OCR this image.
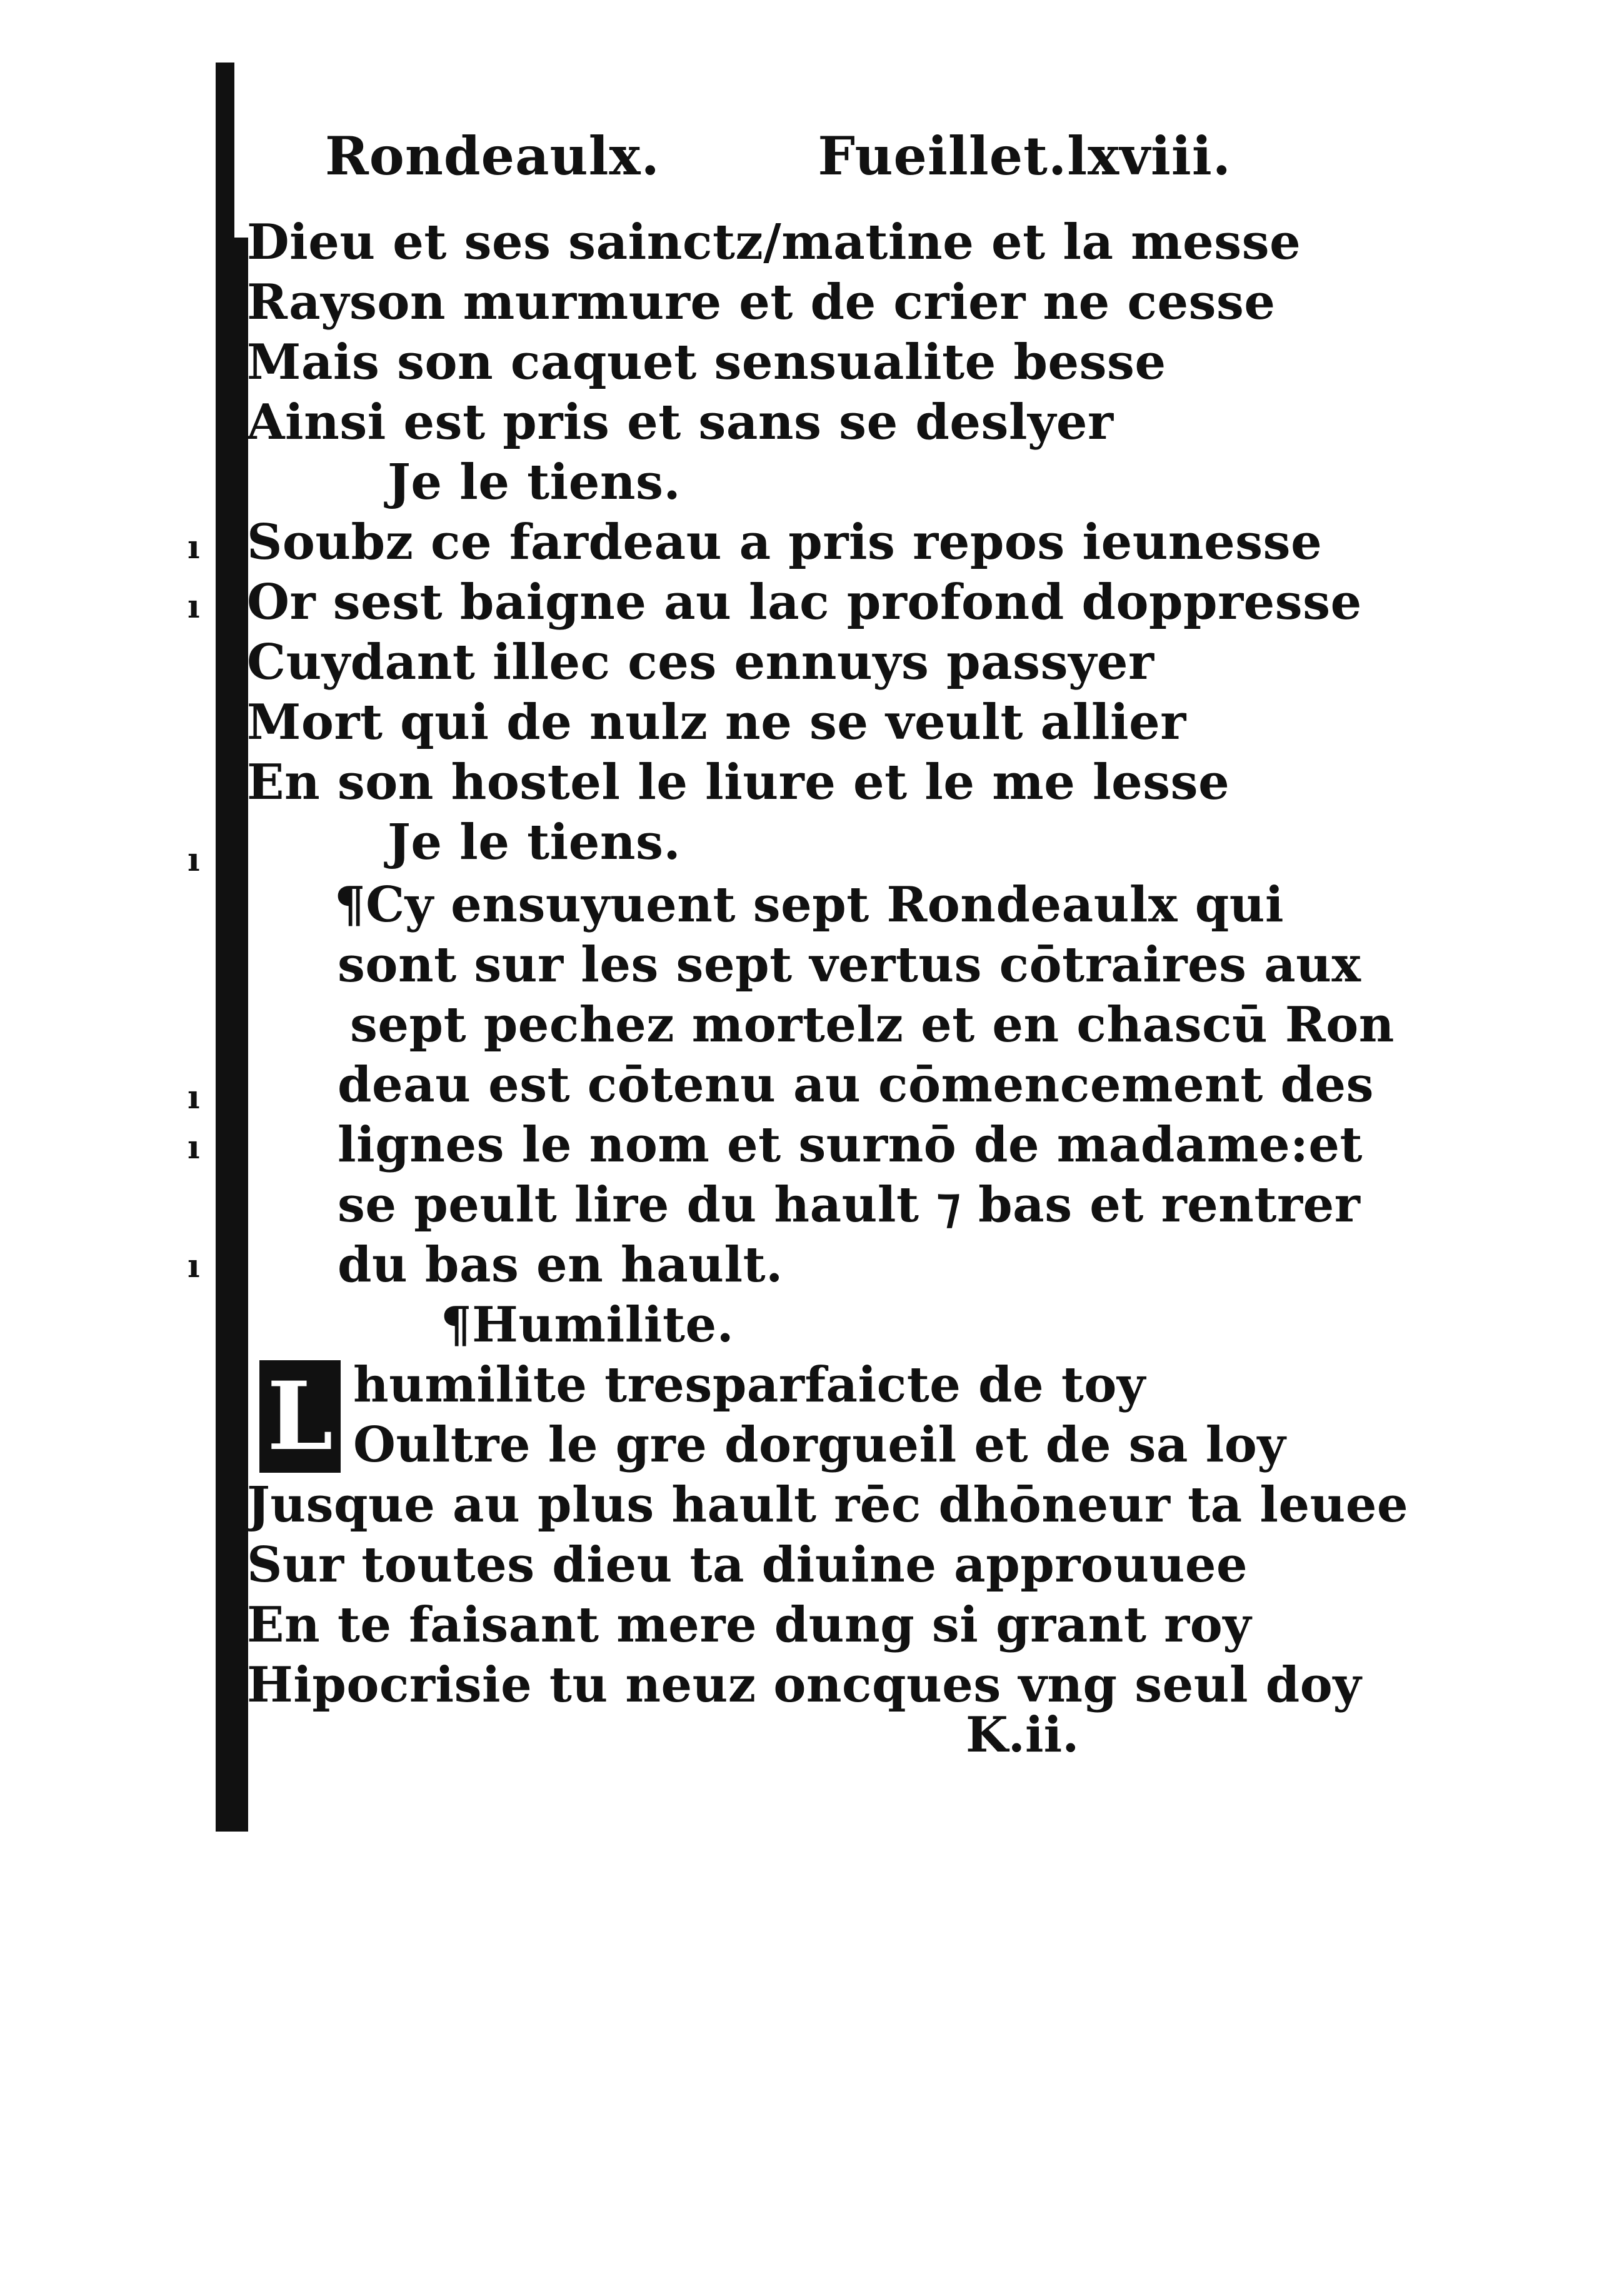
ı
ı
ı
ı
ı
ı
Rondeaulx.	Fueillet.lxviii.
Dieu et ses sainctz/matine et la messe
Rayson murmure et de crier ne cesse
Mais son caquet sensualite besse
Ainsi est pris et sans se deslyer
Je le tiens.
Soubz ce fardeau a pris repos ieunesse
Or sest baigne au lac profond doppresse
Cuydant illec ces ennuys passyer
Mort qui de nulz ne se veult allier
En son hostel le liure et le me lesse
Je le tiens.
¶Cy ensuyuent sept Rondeaulx qui
sont sur les sept vertus cōtraires aux
sept pechez mortelz et en chascū Ron
deau est cōtenu au cōmencement des
lignes le nom et surnō de madame:et
se peult lire du hault ⁊ bas et rentrer
du bas en hault.
¶Humilite.
L humilite tresparfaicte de toy
Oultre le gre dorgueil et de sa loy
Jusque au plus hault rēc dhōneur ta leuee
Sur toutes dieu ta diuine approuuee
En te faisant mere dung si grant roy
Hipocrisie tu neuz oncques vng seul doy
K.ii.
